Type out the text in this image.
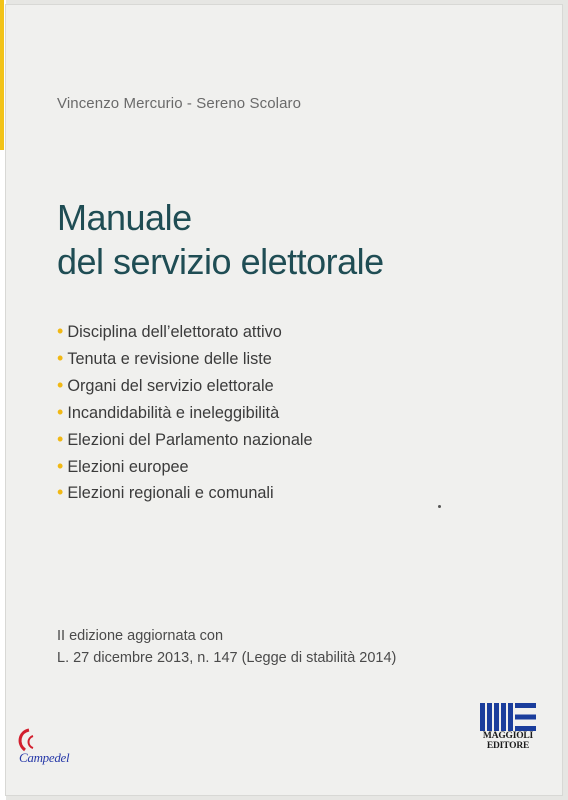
Vincenzo Mercurio - Sereno Scolaro
Manuale
del servizio elettorale
• Disciplina dell’elettorato attivo
• Tenuta e revisione delle liste
• Organi del servizio elettorale
• Incandidabilità e ineleggibilità
• Elezioni del Parlamento nazionale
• Elezioni europee
• Elezioni regionali e comunali
II edizione aggiornata con
L. 27 dicembre 2013, n. 147 (Legge di stabilità 2014)
MAGGIOLI
EDITORE
Campedel
